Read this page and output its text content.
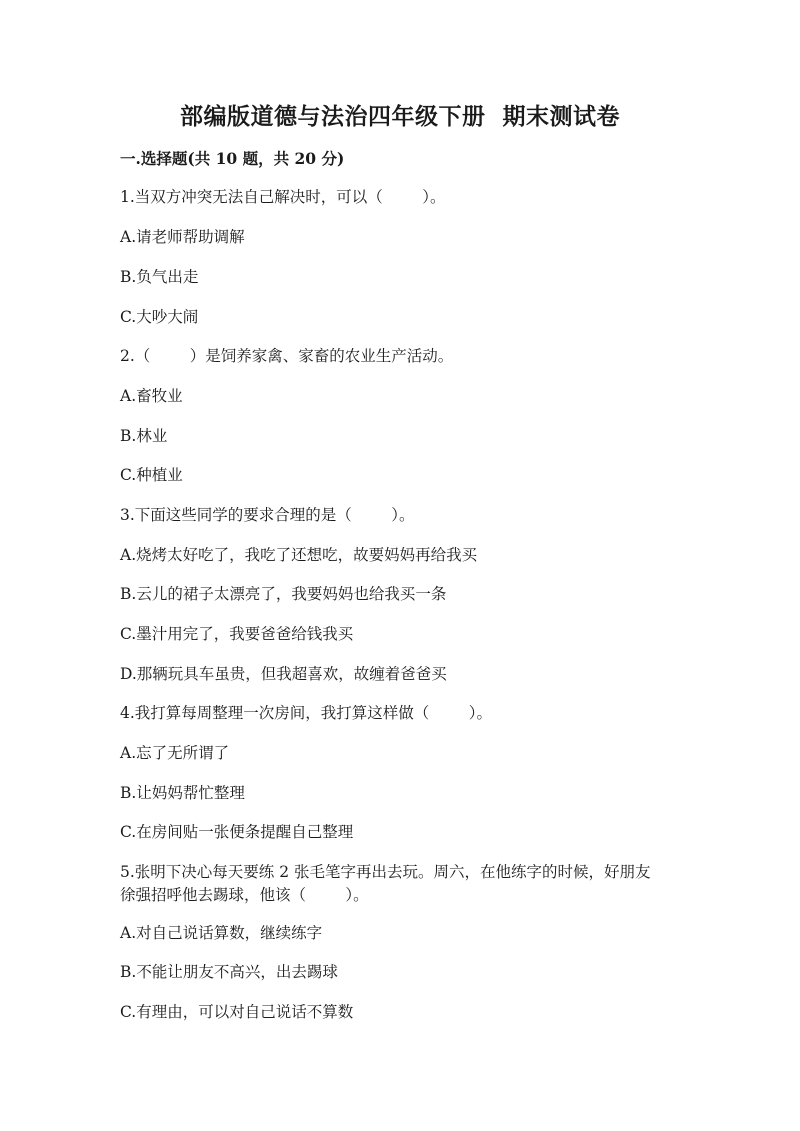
部编版道德与法治四年级下册  期末测试卷
一.选择题(共 10 题，共 20 分)
1.当双方冲突无法自己解决时，可以（        ）。
A.请老师帮助调解
B.负气出走
C.大吵大闹
2.（        ）是饲养家禽、家畜的农业生产活动。
A.畜牧业
B.林业
C.种植业
3.下面这些同学的要求合理的是（        ）。
A.烧烤太好吃了，我吃了还想吃，故要妈妈再给我买
B.云儿的裙子太漂亮了，我要妈妈也给我买一条
C.墨汁用完了，我要爸爸给钱我买
D.那辆玩具车虽贵，但我超喜欢，故缠着爸爸买
4.我打算每周整理一次房间，我打算这样做（        ）。
A.忘了无所谓了
B.让妈妈帮忙整理
C.在房间贴一张便条提醒自己整理
5.张明下决心每天要练 2 张毛笔字再出去玩。周六，在他练字的时候，好朋友
徐强招呼他去踢球，他该（        ）。
A.对自己说话算数，继续练字
B.不能让朋友不高兴，出去踢球
C.有理由，可以对自己说话不算数
